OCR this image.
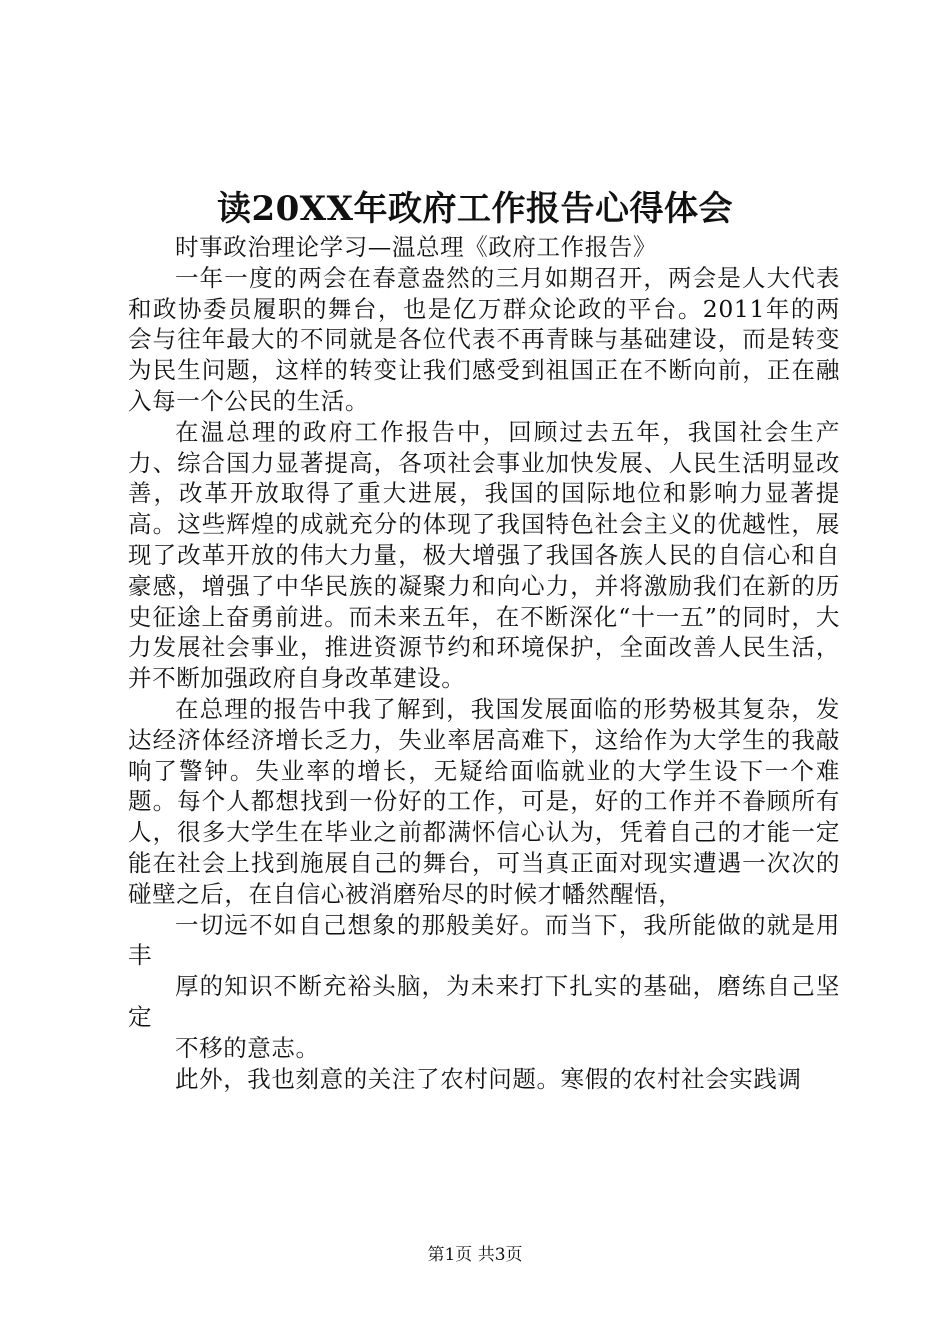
读20XX年政府工作报告心得体会

时事政治理论学习—温总理《政府工作报告》

一年一度的两会在春意盎然的三月如期召开，两会是人大代表和政协委员履职的舞台，也是亿万群众论政的平台。2011年的两会与往年最大的不同就是各位代表不再青睐与基础建设，而是转变为民生问题，这样的转变让我们感受到祖国正在不断向前，正在融入每一个公民的生活。

在温总理的政府工作报告中，回顾过去五年，我国社会生产力、综合国力显著提高，各项社会事业加快发展、人民生活明显改善，改革开放取得了重大进展，我国的国际地位和影响力显著提高。这些辉煌的成就充分的体现了我国特色社会主义的优越性，展现了改革开放的伟大力量，极大增强了我国各族人民的自信心和自豪感，增强了中华民族的凝聚力和向心力，并将激励我们在新的历史征途上奋勇前进。而未来五年，在不断深化“十一五”的同时，大力发展社会事业，推进资源节约和环境保护，全面改善人民生活，并不断加强政府自身改革建设。

在总理的报告中我了解到，我国发展面临的形势极其复杂，发达经济体经济增长乏力，失业率居高难下，这给作为大学生的我敲响了警钟。失业率的增长，无疑给面临就业的大学生设下一个难题。每个人都想找到一份好的工作，可是，好的工作并不眷顾所有人，很多大学生在毕业之前都满怀信心认为，凭着自己的才能一定能在社会上找到施展自己的舞台，可当真正面对现实遭遇一次次的碰壁之后，在自信心被消磨殆尽的时候才幡然醒悟，

一切远不如自己想象的那般美好。而当下，我所能做的就是用丰

厚的知识不断充裕头脑，为未来打下扎实的基础，磨练自己坚定

不移的意志。

此外，我也刻意的关注了农村问题。寒假的农村社会实践调

第1页 共3页
